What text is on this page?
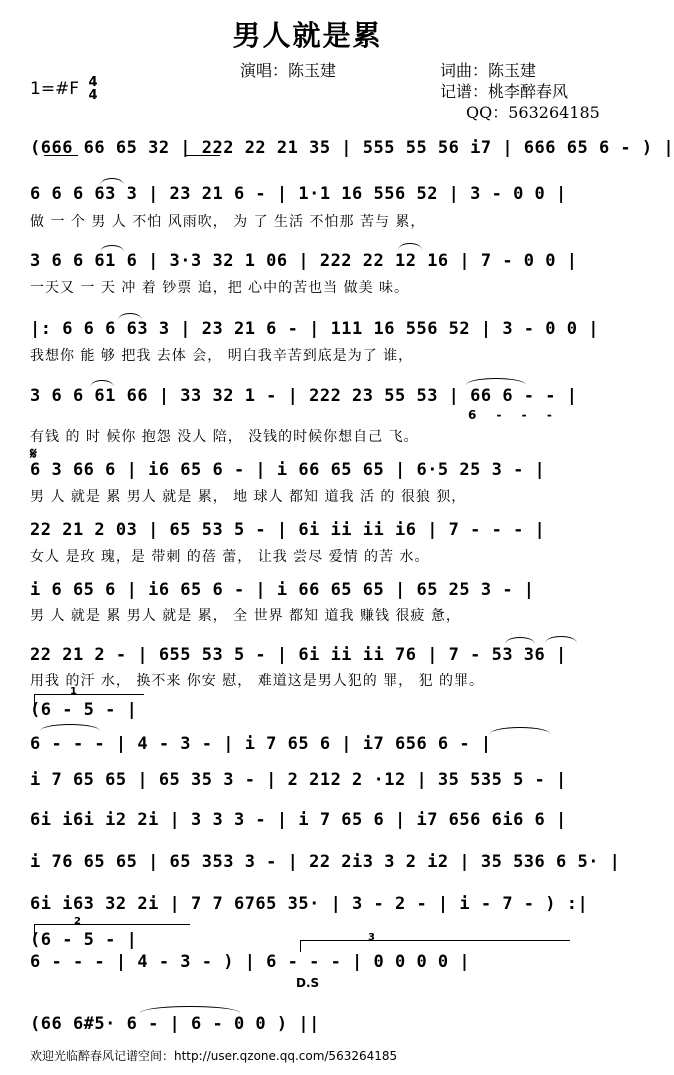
男人就是累
演唱：陈玉建	词曲：陈玉建
记谱：桃李醉春风
QQ：563264185
1=#F 4
4
(666 66 65 32 | 222 22 21 35 | 555 55 56 i7 | 666 65 6 - ) |
6 6 6 63 3 | 23 21 6 - | 1·1 16 556 52 | 3 - 0 0 |
做 一 个 男 人 不怕 风雨吹， 为 了 生活 不怕那 苦与 累，
3 6 6 61 6 | 3·3 32 1 06 | 222 22 12 16 | 7 - 0 0 |
一天又 一 天 冲 着 钞票 追，把 心中的苦也当 做美 味。
|: 6 6 6 63 3 | 23 21 6 - | 111 16 556 52 | 3 - 0 0 |
我想你 能 够 把我 去体 会， 明白我辛苦到底是为了 谁，
3 6 6 61 66 | 33 32 1 - | 222 23 55 53 | 66 6 - - |
6 - - -
有钱 的 时 候你 抱怨 没人 陪， 没钱的时候你想自己 飞。
𝄋
6 3 66 6 | i6 65 6 - | i 66 65 65 | 6·5 25 3 - |
男 人 就是 累 男人 就是 累， 地 球人 都知 道我 活 的 很狼 狈，
22 21 2 03 | 65 53 5 - | 6i ii ii i6 | 7 - - - |
女人 是玫 瑰，是 带刺 的蓓 蕾， 让我 尝尽 爱情 的苦 水。
i 6 65 6 | i6 65 6 - | i 66 65 65 | 65 25 3 - |
男 人 就是 累 男人 就是 累， 全 世界 都知 道我 赚钱 很疲 惫，
22 21 2 - | 655 53 5 - | 6i ii ii 76 | 7 - 53 36 |
用我 的汗 水， 换不来 你安 慰， 难道这是男人犯的 罪， 犯 的罪。
1
(6 - 5 - |
6 - - - | 4 - 3 - | i 7 65 6 | i7 656 6 - |
i 7 65 65 | 65 35 3 - | 2 212 2 ·12 | 35 535 5 - |
6i i6i i2 2i | 3 3 3 - | i 7 65 6 | i7 656 6i6 6 |
i 76 65 65 | 65 353 3 - | 22 2i3 3 2 i2 | 35 536 6 5· |
6i i63 32 2i | 7 7 6765 35· | 3 - 2 - | i - 7 - ) :|
2
(6 - 5 - |	3
6 - - - | 4 - 3 - ) | 6 - - - | 0 0 0 0 |
D.S
(66 6#5· 6 - | 6 - 0 0 ) ||
欢迎光临醉春风记谱空间：http://user.qzone.qq.com/563264185
